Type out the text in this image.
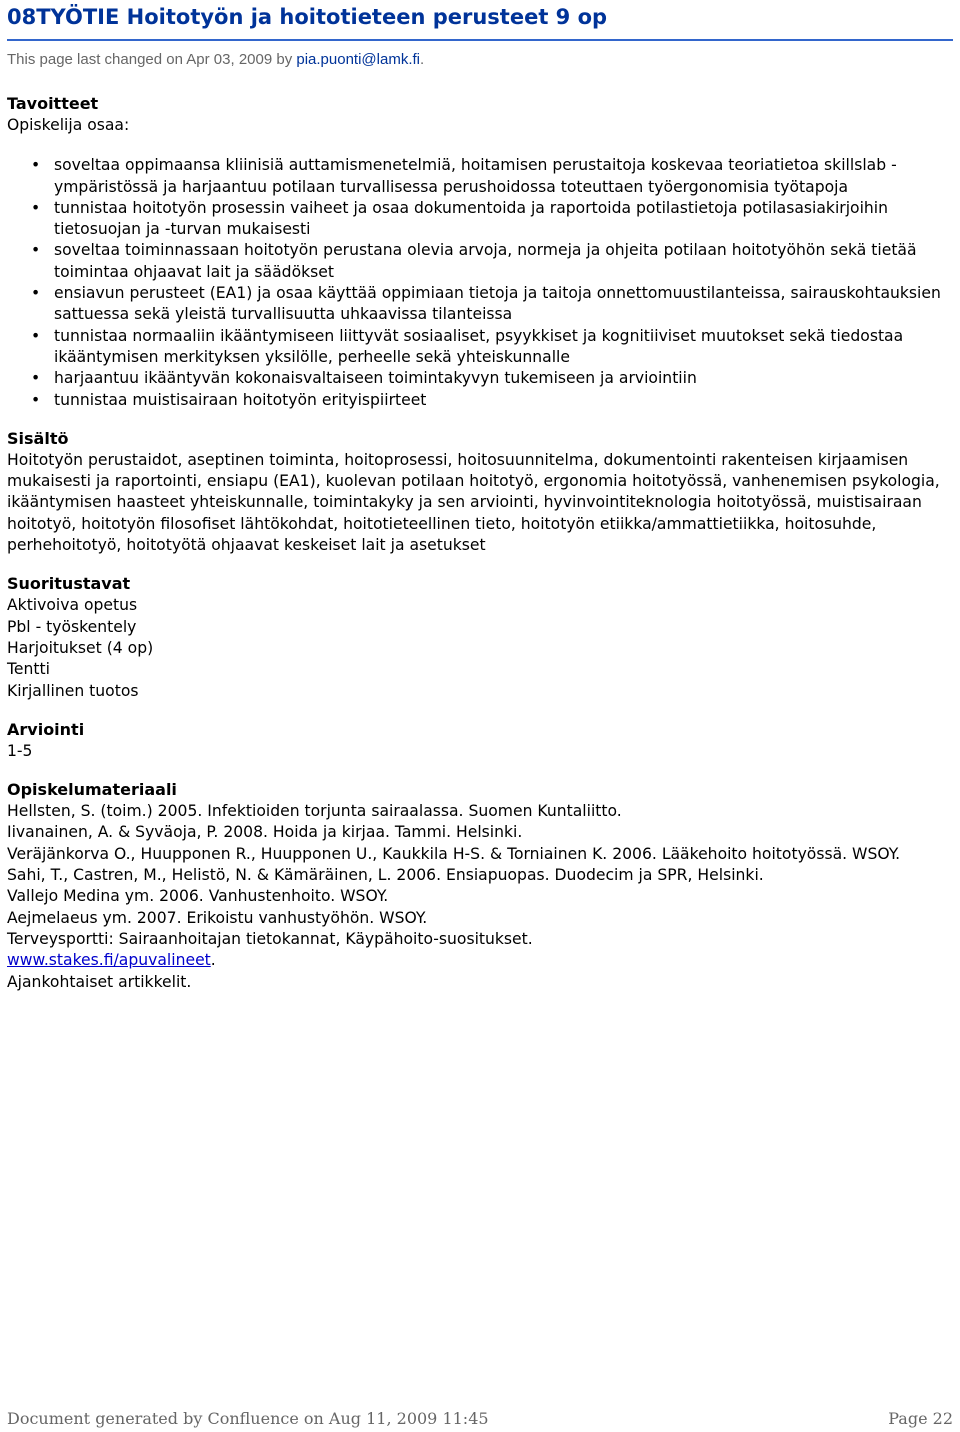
08TYÖTIE Hoitotyön ja hoitotieteen perusteet 9 op
This page last changed on Apr 03, 2009 by pia.puonti@lamk.fi.
Tavoitteet

Opiskelija osaa:

• soveltaa oppimaansa kliinisiä auttamismenetelmiä, hoitamisen perustaitoja koskevaa teoriatietoa skillslab -ympäristössä ja harjaantuu potilaan turvallisessa perushoidossa toteuttaen työergonomisia työtapoja
• tunnistaa hoitotyön prosessin vaiheet ja osaa dokumentoida ja raportoida potilastietoja potilasasiakirjoihin tietosuojan ja -turvan mukaisesti
• soveltaa toiminnassaan hoitotyön perustana olevia arvoja, normeja ja ohjeita potilaan hoitotyöhön sekä tietää toimintaa ohjaavat lait ja säädökset
• ensiavun perusteet (EA1) ja osaa käyttää oppimiaan tietoja ja taitoja onnettomuustilanteissa, sairauskohtauksien sattuessa sekä yleistä turvallisuutta uhkaavissa tilanteissa
• tunnistaa normaaliin ikääntymiseen liittyvät sosiaaliset, psyykkiset ja kognitiiviset muutokset sekä tiedostaa ikääntymisen merkityksen yksilölle, perheelle sekä yhteiskunnalle
• harjaantuu ikääntyvän kokonaisvaltaiseen toimintakyvyn tukemiseen ja arviointiin
• tunnistaa muistisairaan hoitotyön erityispiirteet
Sisältö

Hoitotyön perustaidot, aseptinen toiminta, hoitoprosessi, hoitosuunnitelma, dokumentointi rakenteisen kirjaamisen mukaisesti ja raportointi, ensiapu (EA1), kuolevan potilaan hoitotyö, ergonomia hoitotyössä, vanhenemisen psykologia, ikääntymisen haasteet yhteiskunnalle, toimintakyky ja sen arviointi, hyvinvointiteknologia hoitotyössä, muistisairaan hoitotyö, hoitotyön filosofiset lähtökohdat, hoitotieteellinen tieto, hoitotyön etiikka/ammattietiikka, hoitosuhde, perhehoitotyö, hoitotyötä ohjaavat keskeiset lait ja asetukset

Suoritustavat

Aktivoiva opetus

Pbl - työskentely

Harjoitukset (4 op)

Tentti

Kirjallinen tuotos

Arviointi

1-5

Opiskelumateriaali

Hellsten, S. (toim.) 2005. Infektioiden torjunta sairaalassa. Suomen Kuntaliitto.

Iivanainen, A. & Syväoja, P. 2008. Hoida ja kirjaa. Tammi. Helsinki.

Veräjänkorva O., Huupponen R., Huupponen U., Kaukkila H-S. & Torniainen K. 2006. Lääkehoito hoitotyössä. WSOY.

Sahi, T., Castren, M., Helistö, N. & Kämäräinen, L. 2006. Ensiapuopas. Duodecim ja SPR, Helsinki.

Vallejo Medina ym. 2006. Vanhustenhoito. WSOY.

Aejmelaeus ym. 2007. Erikoistu vanhustyöhön. WSOY.

Terveysportti: Sairaanhoitajan tietokannat, Käypähoito-suositukset.

www.stakes.fi/apuvalineet.

Ajankohtaiset artikkelit.

Document generated by Confluence on Aug 11, 2009 11:45	Page 22
